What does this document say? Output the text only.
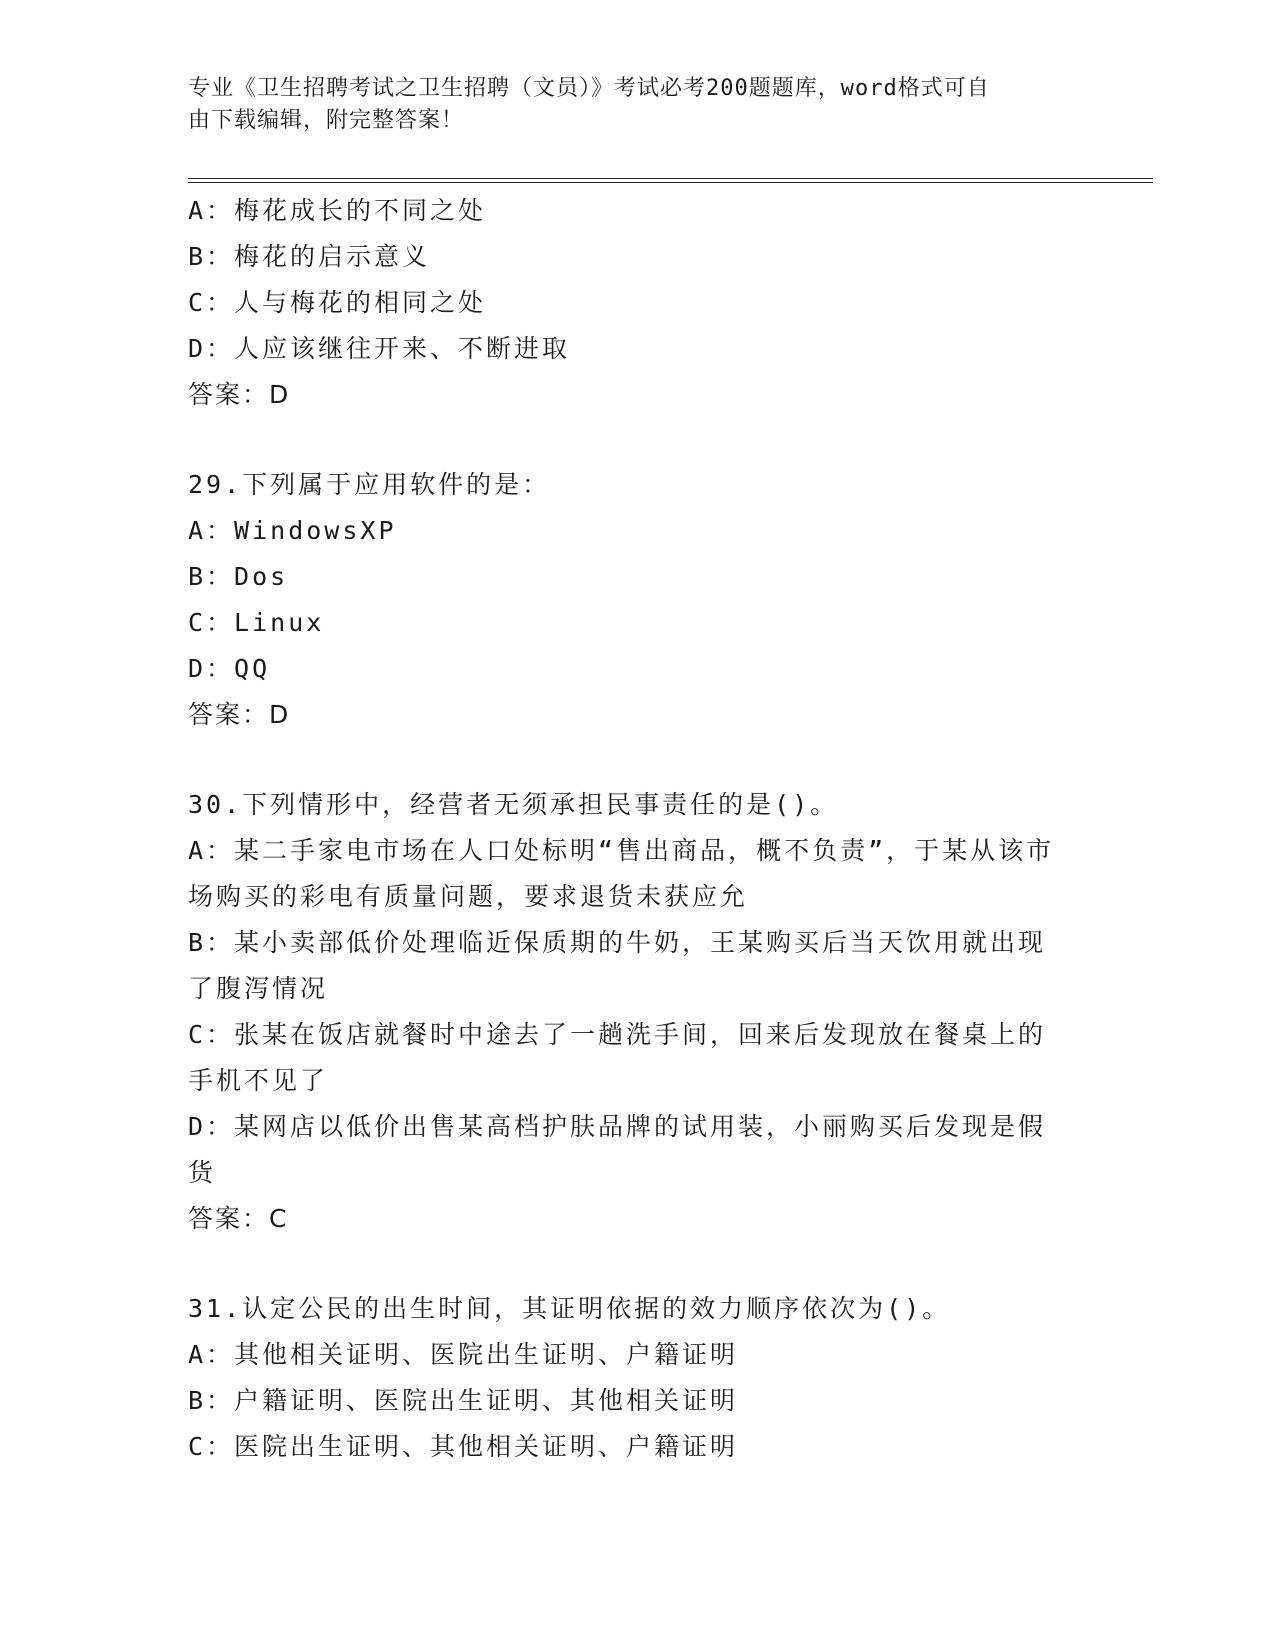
专业《卫生招聘考试之卫生招聘（文员）》考试必考200题题库，word格式可自
由下载编辑，附完整答案！
A：梅花成长的不同之处
B：梅花的启示意义
C：人与梅花的相同之处
D：人应该继往开来、不断进取
答案：D
29.下列属于应用软件的是：
A：WindowsXP
B：Dos
C：Linux
D：QQ
答案：D
30.下列情形中，经营者无须承担民事责任的是()。
A：某二手家电市场在人口处标明“售出商品，概不负责”，于某从该市场购买的彩电有质量问题，要求退货未获应允
B：某小卖部低价处理临近保质期的牛奶，王某购买后当天饮用就出现了腹泻情况
C：张某在饭店就餐时中途去了一趟洗手间，回来后发现放在餐桌上的手机不见了
D：某网店以低价出售某高档护肤品牌的试用装，小丽购买后发现是假货
答案：C
31.认定公民的出生时间，其证明依据的效力顺序依次为()。
A：其他相关证明、医院出生证明、户籍证明
B：户籍证明、医院出生证明、其他相关证明
C：医院出生证明、其他相关证明、户籍证明
